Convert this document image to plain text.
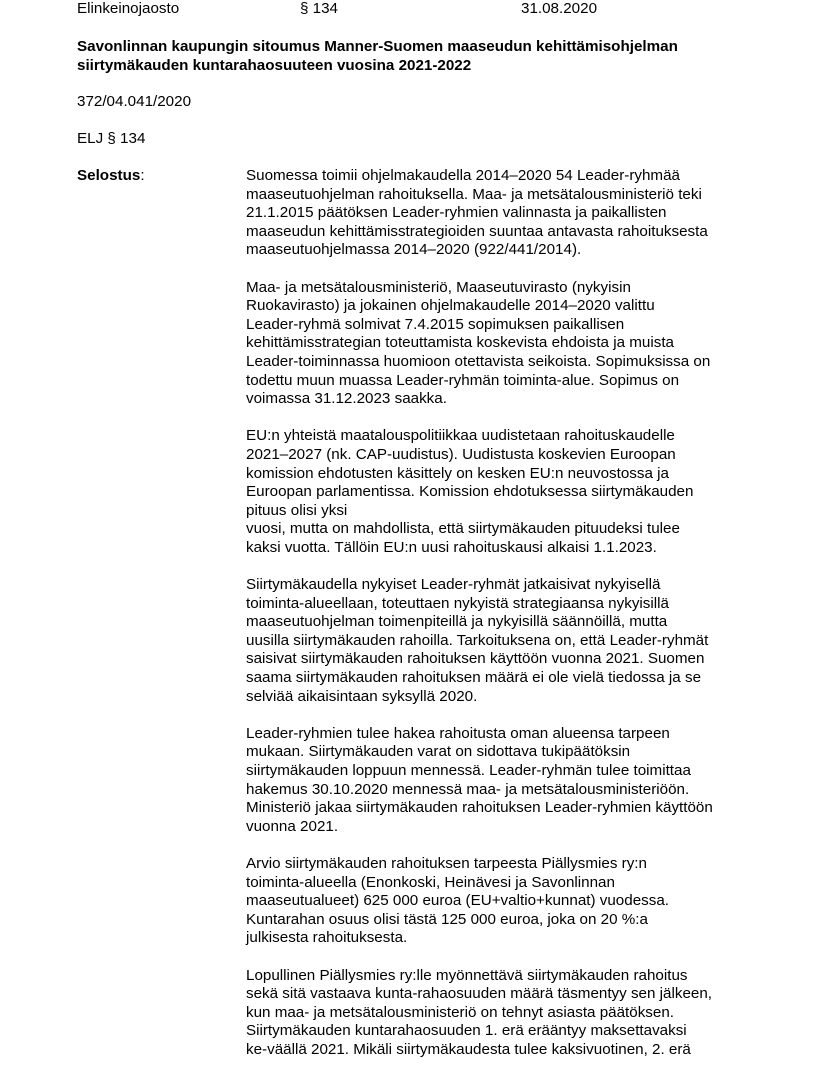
Elinkeinojaosto	§ 134	31.08.2020
Savonlinnan kaupungin sitoumus Manner-Suomen maaseudun kehittämisohjelman
siirtymäkauden kuntarahaosuuteen vuosina 2021-2022
372/04.041/2020
ELJ § 134
Selostus:	Suomessa toimii ohjelmakaudella 2014–2020 54 Leader-ryhmää
maaseutuohjelman rahoituksella. Maa- ja metsätalousministeriö teki
21.1.2015 päätöksen Leader-ryhmien valinnasta ja paikallisten
maaseudun kehittämisstrategioiden suuntaa antavasta rahoituksesta
maaseutuohjelmassa 2014–2020 (922/441/2014).
Maa- ja metsätalousministeriö, Maaseutuvirasto (nykyisin
Ruokavirasto) ja jokainen ohjelmakaudelle 2014–2020 valittu
Leader-ryhmä solmivat 7.4.2015 sopimuksen paikallisen
kehittämisstrategian toteuttamista koskevista ehdoista ja muista
Leader-toiminnassa huomioon otettavista seikoista. Sopimuksissa on
todettu muun muassa Leader-ryhmän toiminta-alue. Sopimus on
voimassa 31.12.2023 saakka.
EU:n yhteistä maatalouspolitiikkaa uudistetaan rahoituskaudelle
2021–2027 (nk. CAP-uudistus). Uudistusta koskevien Euroopan
komission ehdotusten käsittely on kesken EU:n neuvostossa ja
Euroopan parlamentissa. Komission ehdotuksessa siirtymäkauden
pituus olisi yksi
vuosi, mutta on mahdollista, että siirtymäkauden pituudeksi tulee
kaksi vuotta. Tällöin EU:n uusi rahoituskausi alkaisi 1.1.2023.
Siirtymäkaudella nykyiset Leader-ryhmät jatkaisivat nykyisellä
toiminta-alueellaan, toteuttaen nykyistä strategiaansa nykyisillä
maaseutuohjelman toimenpiteillä ja nykyisillä säännöillä, mutta
uusilla siirtymäkauden rahoilla. Tarkoituksena on, että Leader-ryhmät
saisivat siirtymäkauden rahoituksen käyttöön vuonna 2021. Suomen
saama siirtymäkauden rahoituksen määrä ei ole vielä tiedossa ja se
selviää aikaisintaan syksyllä 2020.
Leader-ryhmien tulee hakea rahoitusta oman alueensa tarpeen
mukaan. Siirtymäkauden varat on sidottava tukipäätöksin
siirtymäkauden loppuun mennessä. Leader-ryhmän tulee toimittaa
hakemus 30.10.2020 mennessä maa- ja metsätalousministeriöön.
Ministeriö jakaa siirtymäkauden rahoituksen Leader-ryhmien käyttöön
vuonna 2021.
Arvio siirtymäkauden rahoituksen tarpeesta Piällysmies ry:n
toiminta-alueella (Enonkoski, Heinävesi ja Savonlinnan
maaseutualueet) 625 000 euroa (EU+valtio+kunnat) vuodessa.
Kuntarahan osuus olisi tästä 125 000 euroa, joka on 20 %:a
julkisesta rahoituksesta.
Lopullinen Piällysmies ry:lle myönnettävä siirtymäkauden rahoitus
sekä sitä vastaava kunta-rahaosuuden määrä täsmentyy sen jälkeen,
kun maa- ja metsätalousministeriö on tehnyt asiasta päätöksen.
Siirtymäkauden kuntarahaosuuden 1. erä erääntyy maksettavaksi
ke-väällä 2021. Mikäli siirtymäkaudesta tulee kaksivuotinen, 2. erä
